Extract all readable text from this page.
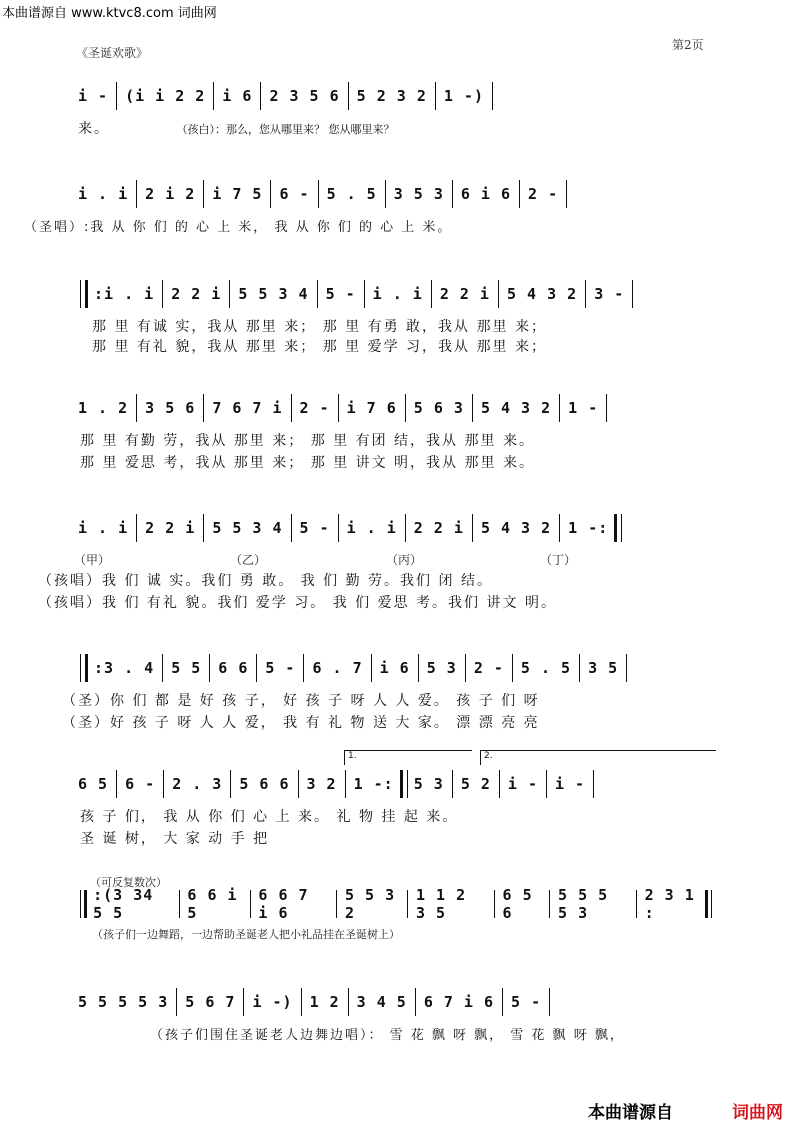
本曲谱源自 www.ktvc8.com 词曲网
《圣诞欢歌》
第2页
i - (i i 2 2 i 6 2 3 5 6 5 2 3 2 1 -)
来。	（孩白）：那么，您从哪里来？ 您从哪里来？
i . i 2 i 2 i 7 5 6 - 5 . 5 3 5 3 6 i 6 2 -
（圣唱）:我 从 你 们 的 心 上 米， 我 从 你 们 的 心 上 米。
:i . i 2 2 i 5 5 3 4 5 - i . i 2 2 i 5 4 3 2 3 -
那 里 有诚 实，我从 那里 来； 那 里 有勇 敢，我从 那里 来；
那 里 有礼 貌，我从 那里 来； 那 里 爱学 习，我从 那里 来；
1 . 2 3 5 6 7 6 7 i 2 - i 7 6 5 6 3 5 4 3 2 1 -
那 里 有勤 劳，我从 那里 来； 那 里 有团 结，我从 那里 来。
那 里 爱思 考，我从 那里 来； 那 里 讲文 明，我从 那里 来。
i . i 2 2 i 5 5 3 4 5 - i . i 2 2 i 5 4 3 2 1 -:
（甲）	（乙）	（丙）	（丁）
（孩唱）我 们 诚 实。我们 勇 敢。 我 们 勤 劳。我们 闭 结。
（孩唱）我 们 有礼 貌。我们 爱学 习。 我 们 爱思 考。我们 讲文 明。
:3 . 4 5 5 6 6 5 - 6 . 7 i 6 5 3 2 - 5 . 5 3 5
（圣）你 们 都 是 好 孩 子， 好 孩 子 呀 人 人 爱。 孩 子 们 呀
（圣）好 孩 子 呀 人 人 爱， 我 有 礼 物 送 大 家。 漂 漂 亮 亮
1.	2.
6 5 6 - 2 . 3 5 6 6 3 2 1 -: 5 3 5 2 i - i -
孩 子 们， 我 从 你 们 心 上 来。 礼 物 挂 起 来。
圣 诞 树， 大 家 动 手 把
（可反复数次）
:(3 34 5 5
6 6 i 5
6 6 7 i 6
5 5 3 2
1 1 2 3 5
6 5 6
5 5 5 5 3
2 3 1 :
（孩子们一边舞蹈，一边帮助圣诞老人把小礼品挂在圣诞树上）
5 5 5 5 3 5 6 7 i -) 1 2 3 4 5 6 7 i 6 5 -
（孩子们围住圣诞老人边舞边唱）： 雪 花 飘 呀 飘， 雪 花 飘 呀 飘，
本曲谱源自	词曲网
